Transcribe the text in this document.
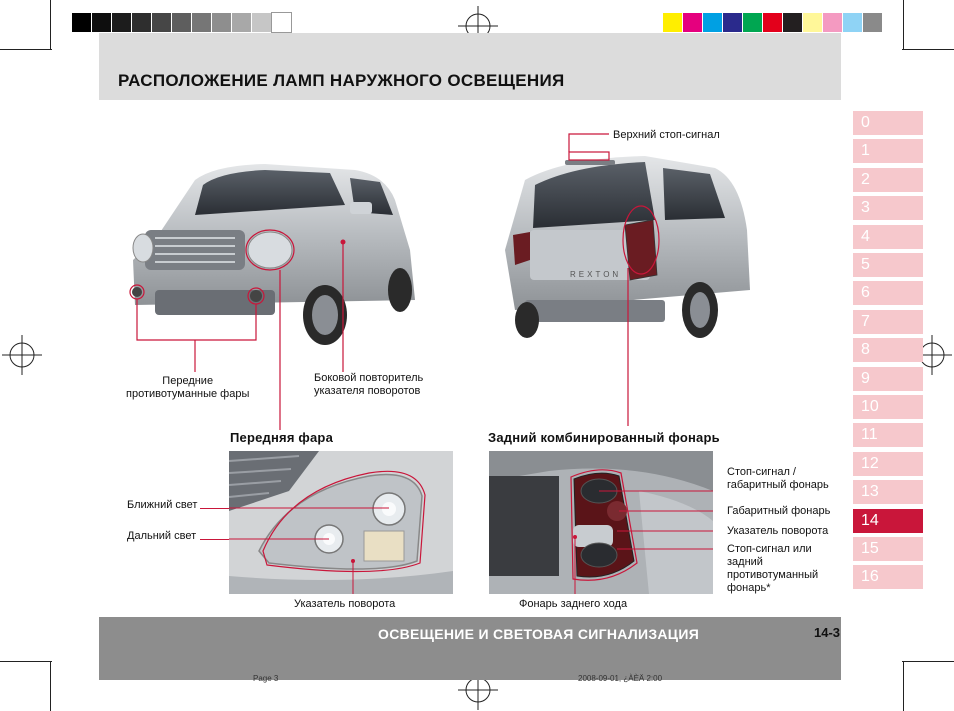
РАСПОЛОЖЕНИЕ ЛАМП НАРУЖНОГО ОСВЕЩЕНИЯ
0
1
2
3
4
5
6
7
8
9
10
11
12
13
14
15
16
Передние
противотуманные фары
Боковой повторитель
указателя поворотов
REXTON
Верхний стоп-сигнал
Передняя фара	Задний комбинированный фонарь
Ближний свет
Дальний свет
Указатель поворота
Стоп-сигнал /
габаритный фонарь
Габаритный фонарь
Указатель поворота
Стоп-сигнал или
задний
противотуманный
фонарь*
Фонарь заднего хода
ОСВЕЩЕНИЕ И СВЕТОВАЯ СИГНАЛИЗАЦИЯ	14-3
Page 3	2008-09-01, ¿ÀÈÄ 2:00
